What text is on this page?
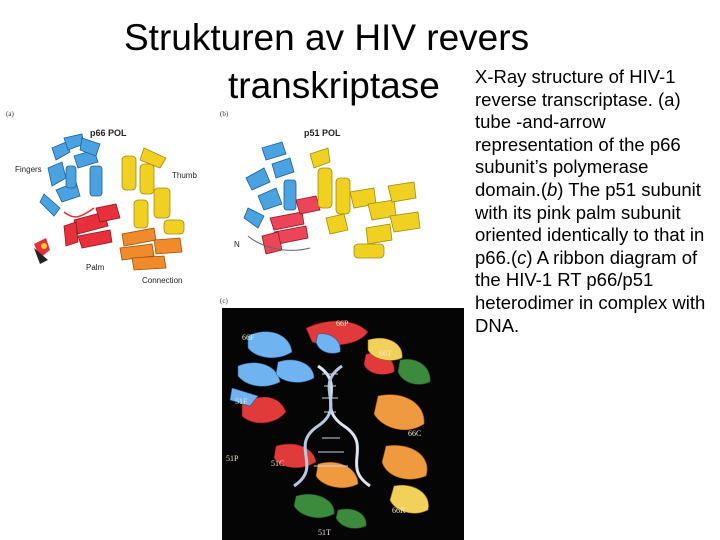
Strukturen av HIV revers
transkriptase X-Ray structure of HIV-1 reverse transcriptase. (a) tube -and-arrow representation of the p66 subunit’s polymerase domain.(b) The p51 subunit with its pink palm subunit oriented identically to that in p66.(c) A ribbon diagram of the HIV-1 RT p66/p51 heterodimer in complex with DNA.
(a)
p66 POL
Fingers
Thumb
Palm
Connection
(b)
p51 POL
N
(c)
66P
66F
66T
51F
66C
51P
51C
66R
51T
